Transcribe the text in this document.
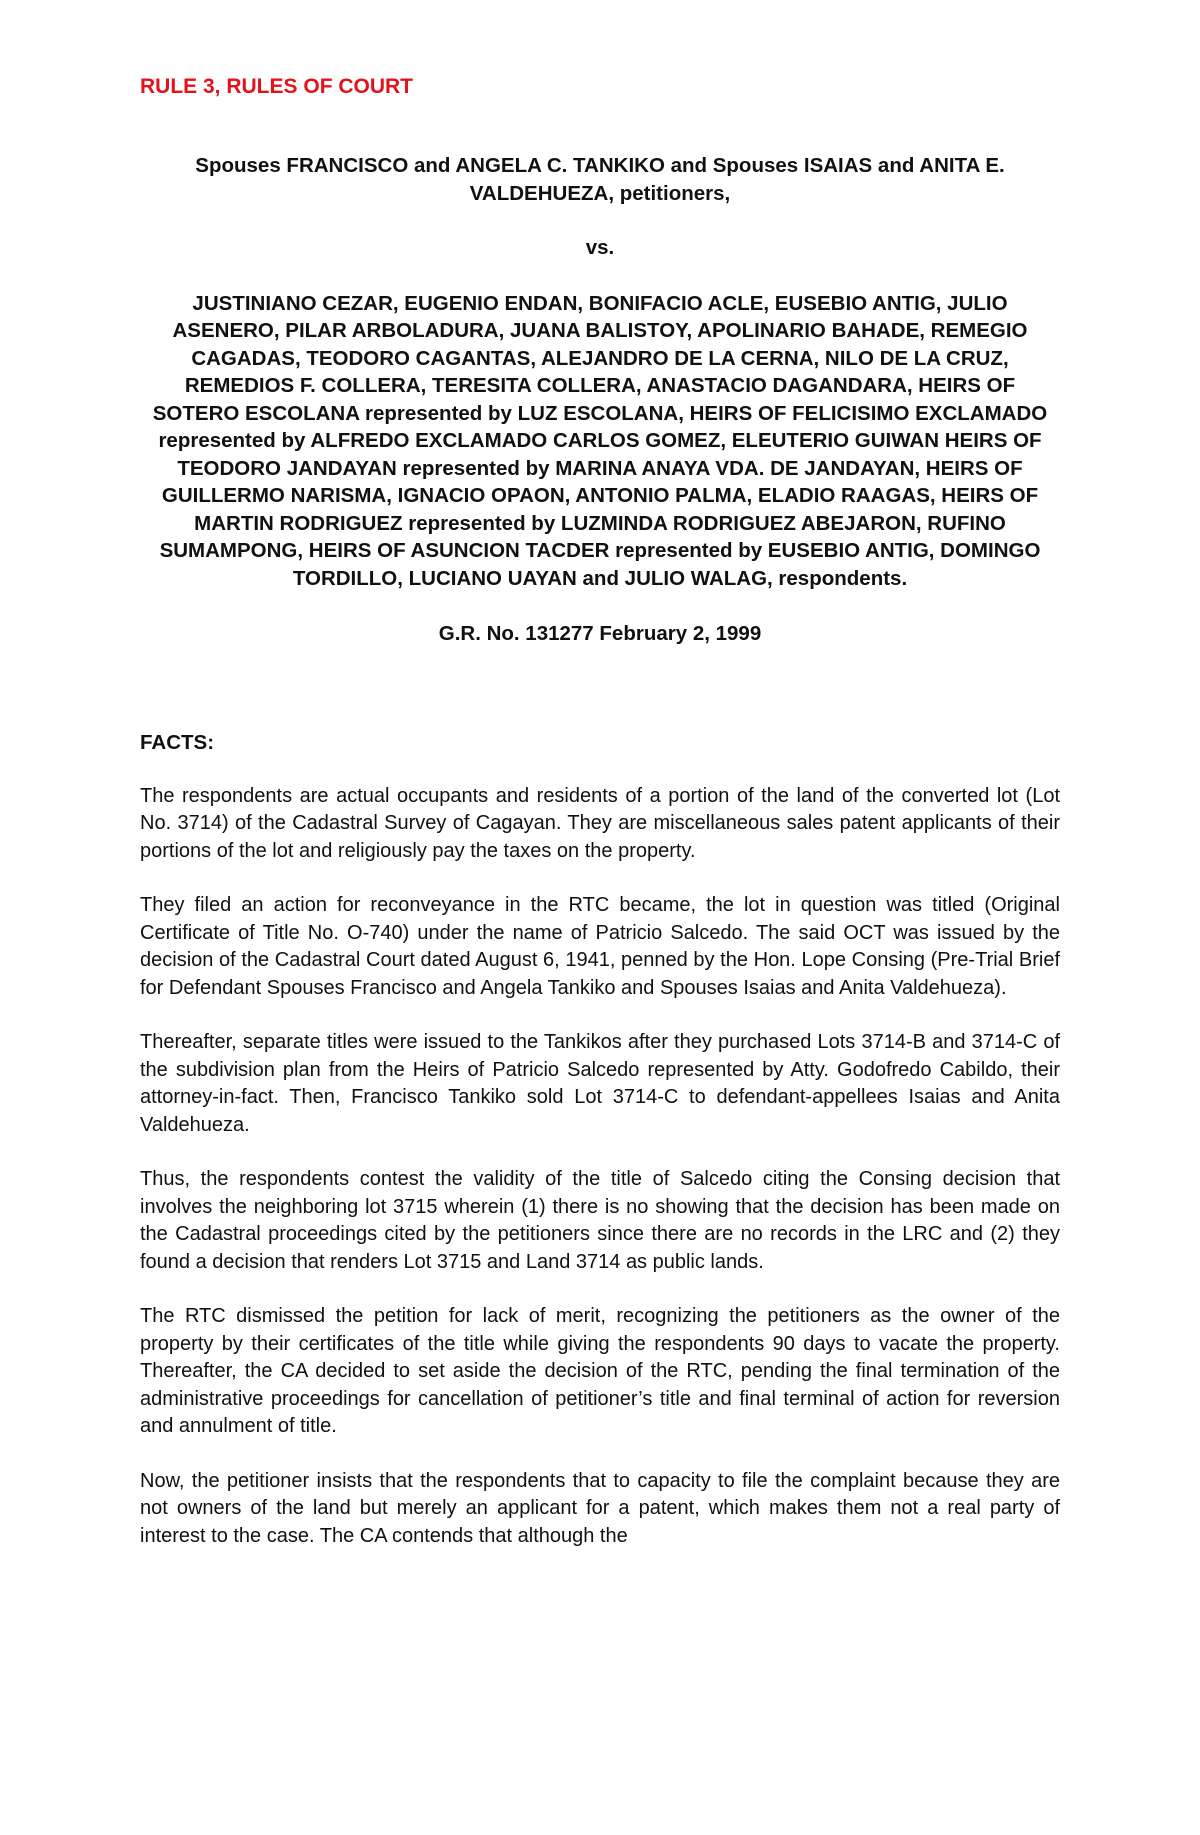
RULE 3, RULES OF COURT

Spouses FRANCISCO and ANGELA C. TANKIKO and Spouses ISAIAS and ANITA E. VALDEHUEZA, petitioners,

vs.

JUSTINIANO CEZAR, EUGENIO ENDAN, BONIFACIO ACLE, EUSEBIO ANTIG, JULIO ASENERO, PILAR ARBOLADURA, JUANA BALISTOY, APOLINARIO BAHADE, REMEGIO CAGADAS, TEODORO CAGANTAS, ALEJANDRO DE LA CERNA, NILO DE LA CRUZ, REMEDIOS F. COLLERA, TERESITA COLLERA, ANASTACIO DAGANDARA, HEIRS OF SOTERO ESCOLANA represented by LUZ ESCOLANA, HEIRS OF FELICISIMO EXCLAMADO represented by ALFREDO EXCLAMADO CARLOS GOMEZ, ELEUTERIO GUIWAN HEIRS OF TEODORO JANDAYAN represented by MARINA ANAYA VDA. DE JANDAYAN, HEIRS OF GUILLERMO NARISMA, IGNACIO OPAON, ANTONIO PALMA, ELADIO RAAGAS, HEIRS OF MARTIN RODRIGUEZ represented by LUZMINDA RODRIGUEZ ABEJARON, RUFINO SUMAMPONG, HEIRS OF ASUNCION TACDER represented by EUSEBIO ANTIG, DOMINGO TORDILLO, LUCIANO UAYAN and JULIO WALAG, respondents.

G.R. No. 131277 February 2, 1999

FACTS:

The respondents are actual occupants and residents of a portion of the land of the converted lot (Lot No. 3714) of the Cadastral Survey of Cagayan. They are miscellaneous sales patent applicants of their portions of the lot and religiously pay the taxes on the property.

They filed an action for reconveyance in the RTC became, the lot in question was titled (Original Certificate of Title No. O-740) under the name of Patricio Salcedo. The said OCT was issued by the decision of the Cadastral Court dated August 6, 1941, penned by the Hon. Lope Consing (Pre-Trial Brief for Defendant Spouses Francisco and Angela Tankiko and Spouses Isaias and Anita Valdehueza).

Thereafter, separate titles were issued to the Tankikos after they purchased Lots 3714-B and 3714-C of the subdivision plan from the Heirs of Patricio Salcedo represented by Atty. Godofredo Cabildo, their attorney-in-fact. Then, Francisco Tankiko sold Lot 3714-C to defendant-appellees Isaias and Anita Valdehueza.

Thus, the respondents contest the validity of the title of Salcedo citing the Consing decision that involves the neighboring lot 3715 wherein (1) there is no showing that the decision has been made on the Cadastral proceedings cited by the petitioners since there are no records in the LRC and (2) they found a decision that renders Lot 3715 and Land 3714 as public lands.

The RTC dismissed the petition for lack of merit, recognizing the petitioners as the owner of the property by their certificates of the title while giving the respondents 90 days to vacate the property. Thereafter, the CA decided to set aside the decision of the RTC, pending the final termination of the administrative proceedings for cancellation of petitioner’s title and final terminal of action for reversion and annulment of title.

Now, the petitioner insists that the respondents that to capacity to file the complaint because they are not owners of the land but merely an applicant for a patent, which makes them not a real party of interest to the case. The CA contends that although the
